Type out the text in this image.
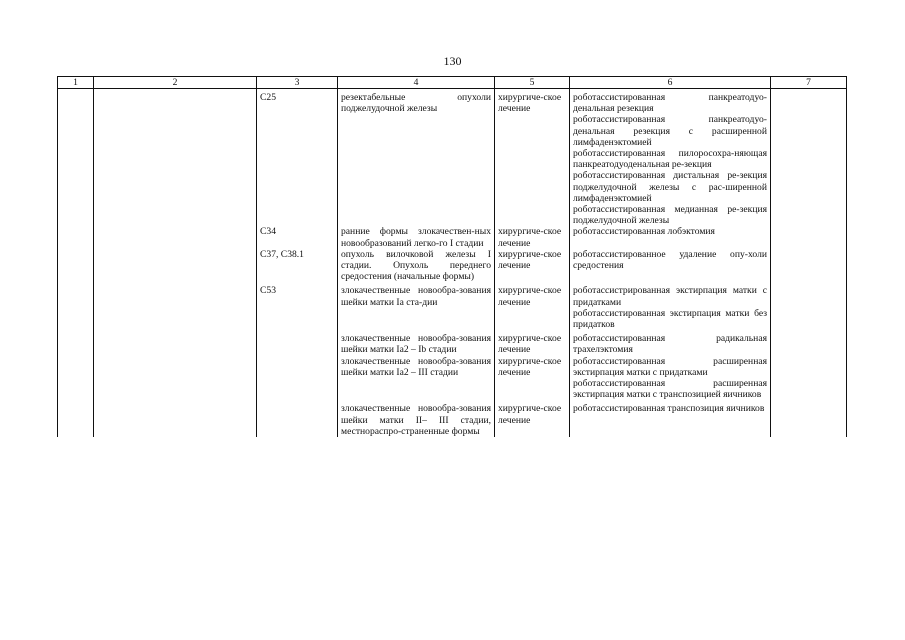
130
1	2	3	4	5	6	7
		C25	резектабельные опухоли поджелудочной железы	хирургиче-ское лечение	роботассистированная панкреатодуо-денальная резекция

роботассистированная панкреатодуо-денальная резекция с расширенной лимфаденэктомией

роботассистированная пилоросохра-няющая панкреатодуоденальная ре-зекция

роботассистированная дистальная ре-зекция поджелудочной железы с рас-ширенной лимфаденэктомией

роботассистированная медианная ре-зекция поджелудочной железы	

		C34	ранние формы злокачествен-ных новообразований легко-го I стадии	хирургиче-ское лечение	роботассистированная лобэктомия	

		C37, C38.1	опухоль вилочковой железы I стадии. Опухоль переднего средостения (начальные формы)	хирургиче-ское лечение	роботассистированное удаление опу-холи средостения	

		C53	злокачественные новообра-зования шейки матки Ia ста-дии	хирургиче-ское лечение	роботассистрированная экстирпация матки с придатками

роботассистированная экстирпация матки без придатков	

			злокачественные новообра-зования шейки матки Ia2 – Ib стадии	хирургиче-ское лечение	роботассистированная радикальная трахелэктомия	

			злокачественные новообра-зования шейки матки Ia2 – III стадии	хирургиче-ское лечение	роботассистированная расширенная экстирпация матки с придатками

роботассистированная расширенная экстирпация матки с транспозицией яичников	

			злокачественные новообра-зования шейки матки II– III стадии, местнораспро-страненные формы	хирургиче-ское лечение	роботассистированная транспозиция яичников	
